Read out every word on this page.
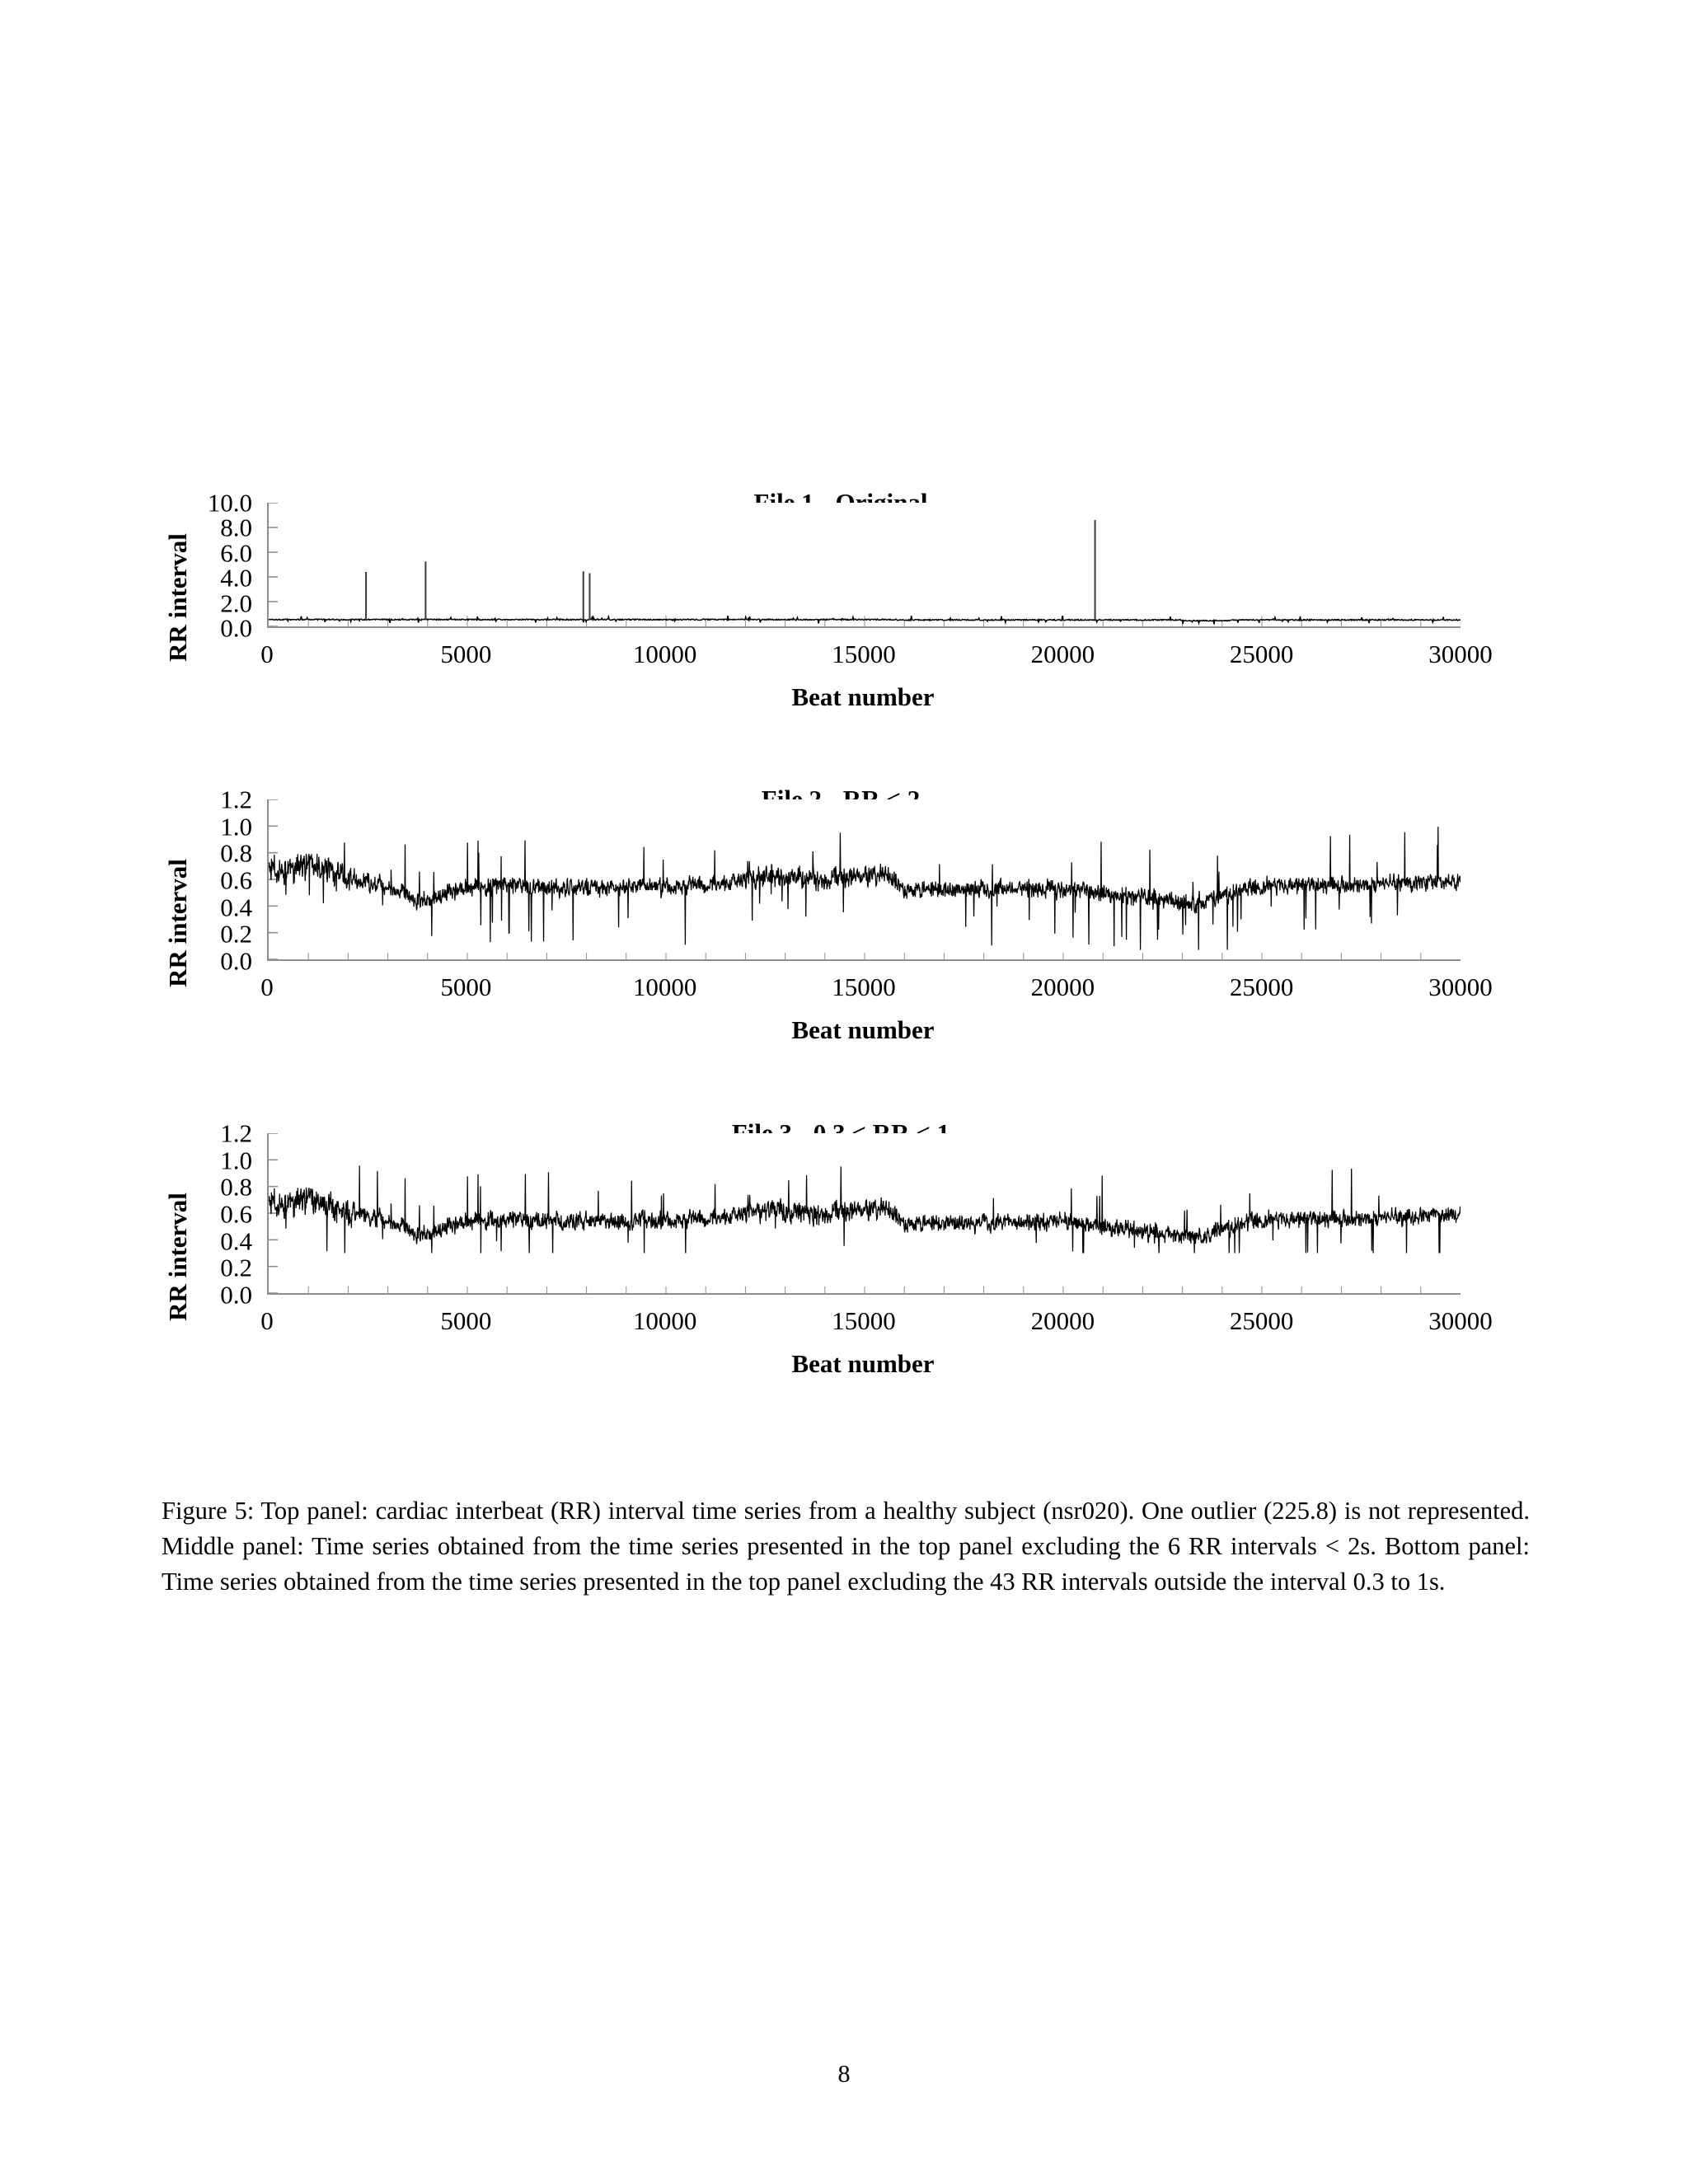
RR interval
10.0
8.0
6.0
4.0
2.0
0.0
0	5000	10000	15000	20000	25000	30000
Beat number
RR interval
1.2
1.0
0.8
0.6
0.4
0.2
0.0
0	5000	10000	15000	20000	25000	30000
Beat number
RR interval
1.2
1.0
0.8
0.6
0.4
0.2
0.0
0	5000	10000	15000	20000	25000	30000
Beat number
Figure 5: Top panel: cardiac interbeat (RR) interval time series from a healthy subject (nsr020). One outlier (225.8) is not represented. Middle panel: Time series obtained from the time series presented in the top panel excluding the 6 RR intervals < 2s. Bottom panel: Time series obtained from the time series presented in the top panel excluding the 43 RR intervals outside the interval 0.3 to 1s.
8
